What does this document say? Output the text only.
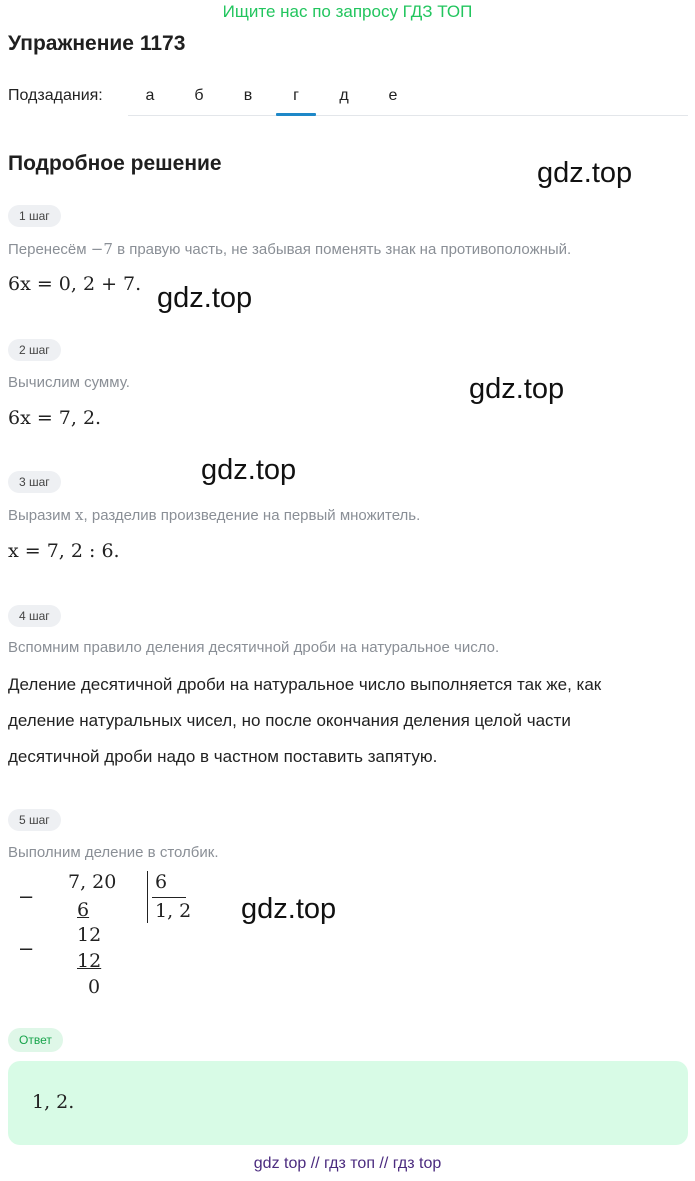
Ищите нас по запросу ГДЗ ТОП
Упражнение 1173
Подзадания:	а	б	в	г	д	е
Подробное решение	gdz.top
gdz.top
gdz.top
gdz.top
gdz.top
1 шаг
Перенесём −7 в правую часть, не забывая поменять знак на противоположный.
6x = 0, 2 + 7.
2 шаг
Вычислим сумму.
6x = 7, 2.
3 шаг
Выразим x, разделив произведение на первый множитель.
x = 7, 2 : 6.
4 шаг
Вспомним правило деления десятичной дроби на натуральное число.
Деление десятичной дроби на натуральное число выполняется так же, как
деление натуральных чисел, но после окончания деления целой части
десятичной дроби надо в частном поставить запятую.
5 шаг
Выполним деление в столбик.
–
7, 20 6
1, 2
6
– 12
12
0
Ответ
1, 2.
gdz top // гдз топ // гдз top
